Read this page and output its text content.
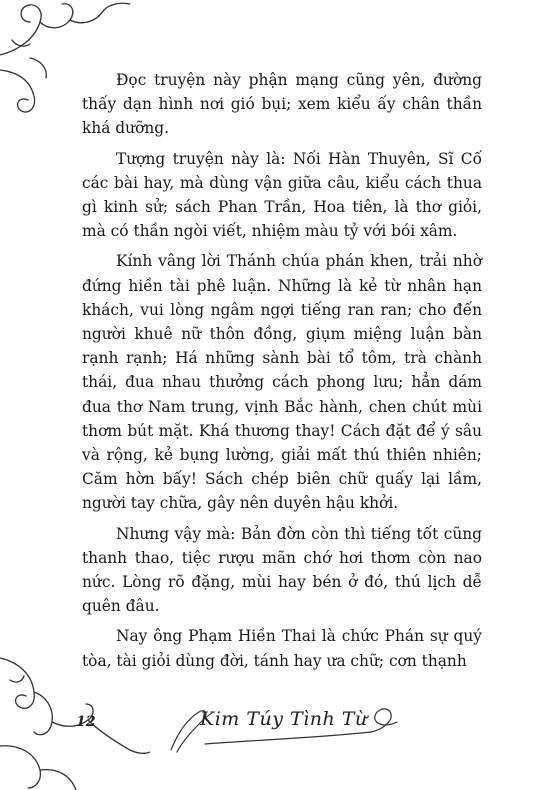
Đọc truyện này phận mạng cũng yên, đường thấy dạn hình nơi gió bụi; xem kiểu ấy chân thần khá dưỡng.

Tượng truyện này là: Nối Hàn Thuyên, Sĩ Cố các bài hay, mà dùng vận giữa câu, kiểu cách thua gì kinh sử; sách Phan Trần, Hoa tiên, là thơ giỏi, mà có thần ngòi viết, nhiệm màu tỷ với bói xâm.

Kính vâng lời Thánh chúa phán khen, trải nhờ đứng hiền tài phê luận. Những là kẻ từ nhân hạn khách, vui lòng ngâm ngợi tiếng ran ran; cho đến người khuê nữ thôn đồng, giụm miệng luận bàn rạnh rạnh; Há những sành bài tổ tôm, trà chành thái, đua nhau thưởng cách phong lưu; hẳn dám đua thơ Nam trung, vịnh Bắc hành, chen chút mùi thơm bút mặt. Khá thương thay! Cách đặt để ý sâu và rộng, kẻ bụng lường, giải mất thú thiên nhiên; Căm hờn bấy! Sách chép biên chữ quấy lại lầm, người tay chữa, gây nên duyên hậu khởi.

Nhưng vậy mà: Bản đờn còn thì tiếng tốt cũng thanh thao, tiệc rượu mãn chớ hơi thơm còn nao nức. Lòng rõ đặng, mùi hay bén ở đó, thú lịch dễ quên đâu.

Nay ông Phạm Hiền Thai là chức Phán sự quý tòa, tài giỏi dùng đời, tánh hay ưa chữ; cơn thạnh

12	Kim Túy Tình Từ
